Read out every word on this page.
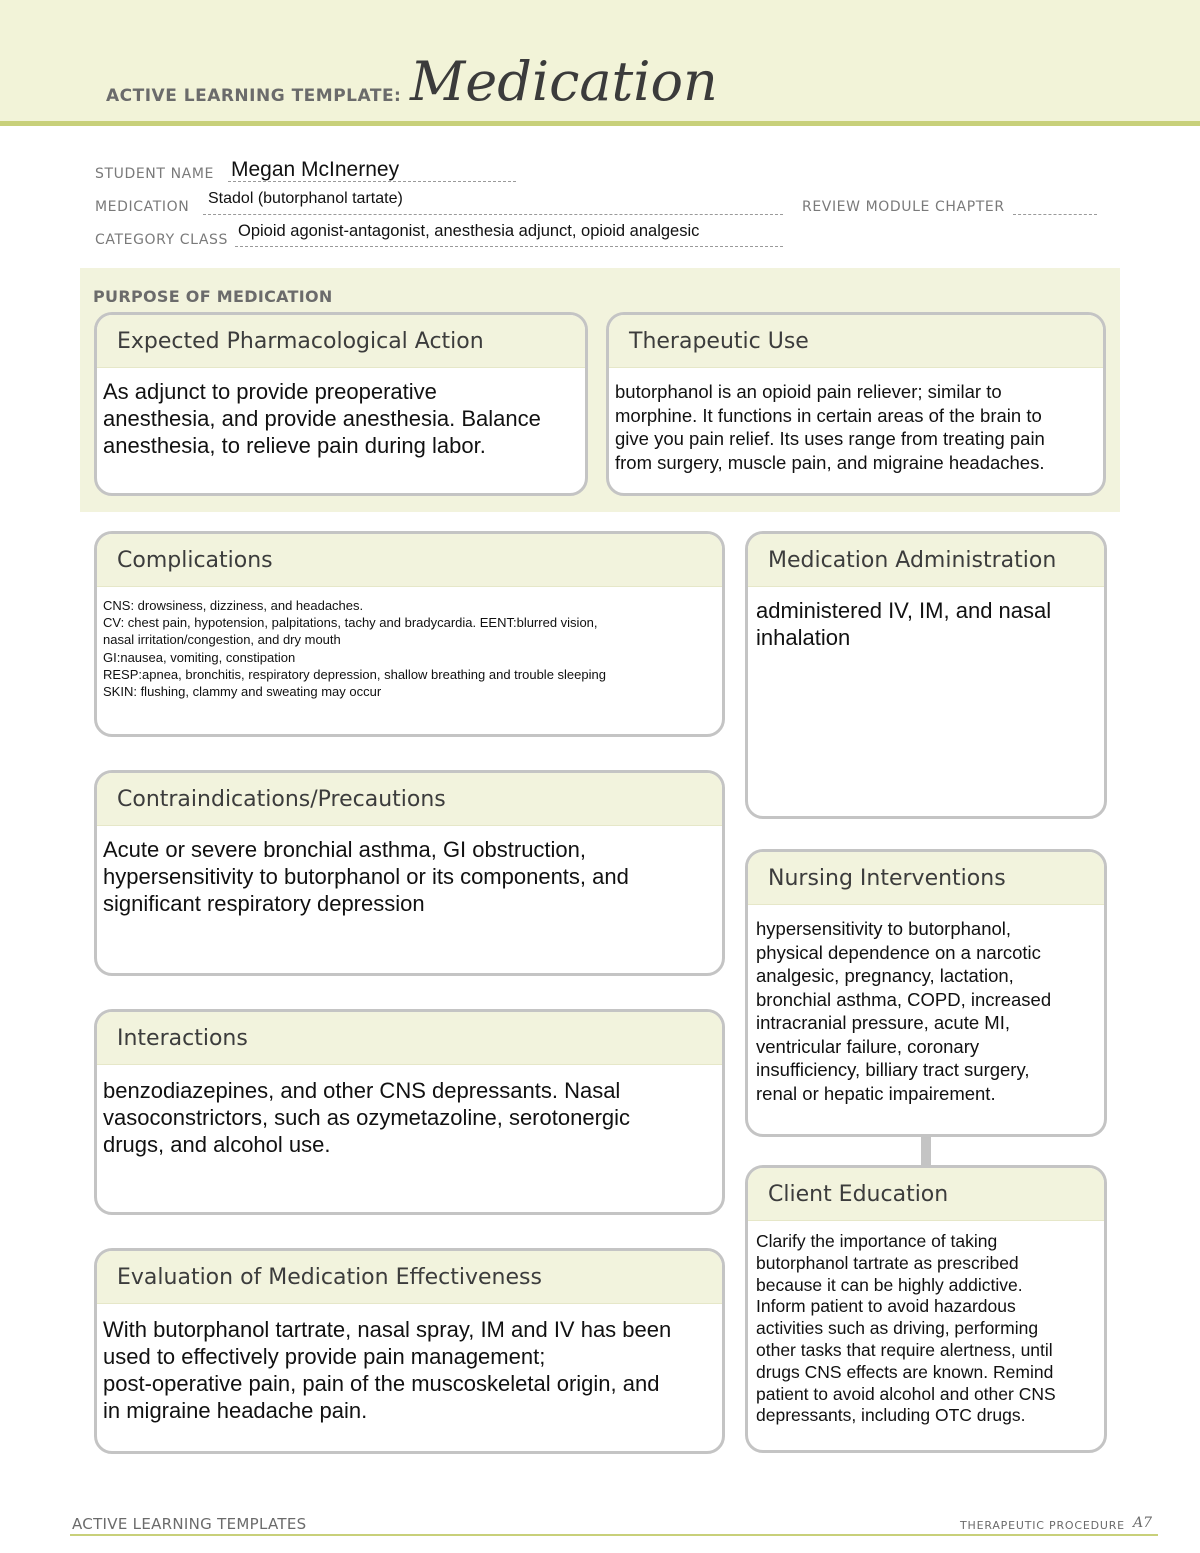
ACTIVE LEARNING TEMPLATE: Medication
STUDENT NAME Megan McInerney
MEDICATION Stadol (butorphanol tartate)	REVIEW MODULE CHAPTER
CATEGORY CLASS Opioid agonist-antagonist, anesthesia adjunct, opioid analgesic
PURPOSE OF MEDICATION
Expected Pharmacological Action
As adjunct to provide preoperative
anesthesia, and provide anesthesia. Balance
anesthesia, to relieve pain during labor.
Therapeutic Use
butorphanol is an opioid pain reliever; similar to
morphine. It functions in certain areas of the brain to
give you pain relief. Its uses range from treating pain
from surgery, muscle pain, and migraine headaches.
Complications
CNS: drowsiness, dizziness, and headaches.
CV: chest pain, hypotension, palpitations, tachy and bradycardia. EENT:blurred vision,
nasal irritation/congestion, and dry mouth
GI:nausea, vomiting, constipation
RESP:apnea, bronchitis, respiratory depression, shallow breathing and trouble sleeping
SKIN: flushing, clammy and sweating may occur
Medication Administration
administered IV, IM, and nasal
inhalation
Contraindications/Precautions
Acute or severe bronchial asthma, GI obstruction,
hypersensitivity to butorphanol or its components, and
significant respiratory depression
Nursing Interventions
hypersensitivity to butorphanol,
physical dependence on a narcotic
analgesic, pregnancy, lactation,
bronchial asthma, COPD, increased
intracranial pressure, acute MI,
ventricular failure, coronary
insufficiency, billiary tract surgery,
renal or hepatic impairement.
Interactions
benzodiazepines, and other CNS depressants. Nasal
vasoconstrictors, such as ozymetazoline, serotonergic
drugs, and alcohol use.
Client Education
Clarify the importance of taking
butorphanol tartrate as prescribed
because it can be highly addictive.
Inform patient to avoid hazardous
activities such as driving, performing
other tasks that require alertness, until
drugs CNS effects are known. Remind
patient to avoid alcohol and other CNS
depressants, including OTC drugs.
Evaluation of Medication Effectiveness
With butorphanol tartrate, nasal spray, IM and IV has been
used to effectively provide pain management;
post-operative pain, pain of the muscoskeletal origin, and
in migraine headache pain.
ACTIVE LEARNING TEMPLATES	THERAPEUTIC PROCEDURE A7
